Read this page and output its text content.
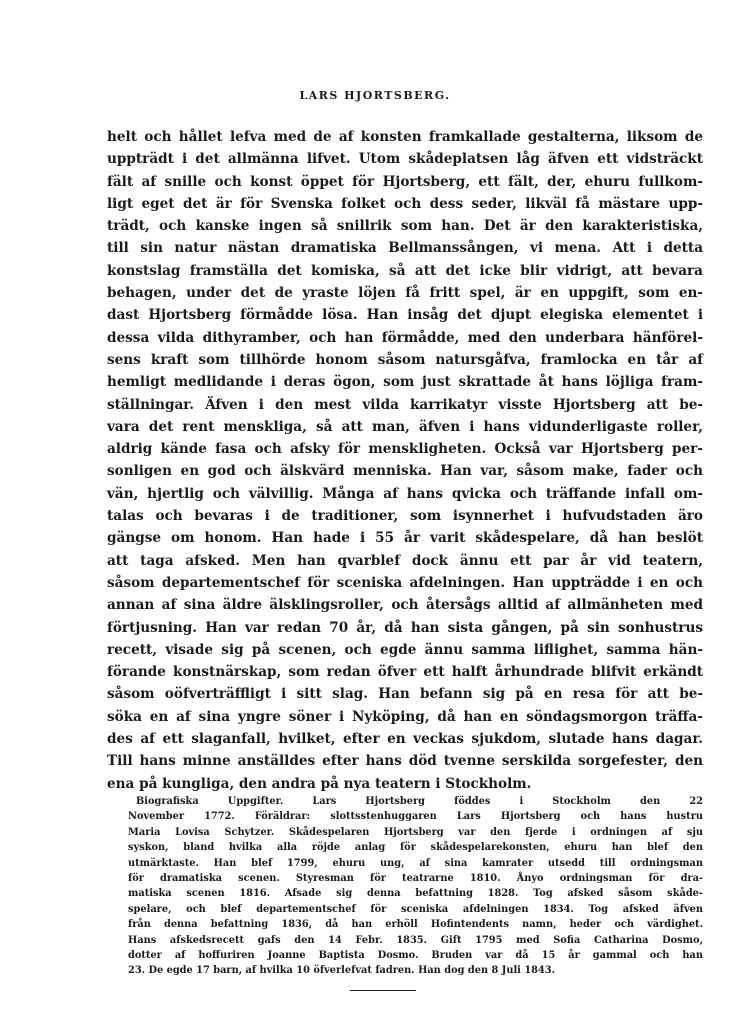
LARS HJORTSBERG.
helt och hållet lefva med de af konsten framkallade gestalterna, liksom de
uppträdt i det allmänna lifvet. Utom skådeplatsen låg äfven ett vidsträckt
fält af snille och konst öppet för Hjortsberg, ett fält, der, ehuru fullkom-
ligt eget det är för Svenska folket och dess seder, likväl få mästare upp-
trädt, och kanske ingen så snillrik som han. Det är den karakteristiska,
till sin natur nästan dramatiska Bellmanssången, vi mena. Att i detta
konstslag framställa det komiska, så att det icke blir vidrigt, att bevara
behagen, under det de yraste löjen få fritt spel, är en uppgift, som en-
dast Hjortsberg förmådde lösa. Han insåg det djupt elegiska elementet i
dessa vilda dithyramber, och han förmådde, med den underbara hänförel-
sens kraft som tillhörde honom såsom natursgåfva, framlocka en tår af
hemligt medlidande i deras ögon, som just skrattade åt hans löjliga fram-
ställningar. Äfven i den mest vilda karrikatyr visste Hjortsberg att be-
vara det rent menskliga, så att man, äfven i hans vidunderligaste roller,
aldrig kände fasa och afsky för menskligheten. Också var Hjortsberg per-
sonligen en god och älskvärd menniska. Han var, såsom make, fader och
vän, hjertlig och välvillig. Många af hans qvicka och träffande infall om-
talas och bevaras i de traditioner, som isynnerhet i hufvudstaden äro
gängse om honom. Han hade i 55 år varit skådespelare, då han beslöt
att taga afsked. Men han qvarblef dock ännu ett par år vid teatern,
såsom departementschef för sceniska afdelningen. Han uppträdde i en och
annan af sina äldre älsklingsroller, och återsågs alltid af allmänheten med
förtjusning. Han var redan 70 år, då han sista gången, på sin sonhustrus
recett, visade sig på scenen, och egde ännu samma liflighet, samma hän-
förande konstnärskap, som redan öfver ett halft århundrade blifvit erkändt
såsom oöfverträffligt i sitt slag. Han befann sig på en resa för att be-
söka en af sina yngre söner i Nyköping, då han en söndagsmorgon träffa-
des af ett slaganfall, hvilket, efter en veckas sjukdom, slutade hans dagar.
Till hans minne anställdes efter hans död tvenne serskilda sorgefester, den
ena på kungliga, den andra på nya teatern i Stockholm.
Biografiska Uppgifter. Lars Hjortsberg föddes i Stockholm den 22
November 1772. Föräldrar: slottsstenhuggaren Lars Hjortsberg och hans hustru
Maria Lovisa Schytzer. Skådespelaren Hjortsberg var den fjerde i ordningen af sju
syskon, bland hvilka alla röjde anlag för skådespelarekonsten, ehuru han blef den
utmärktaste. Han blef 1799, ehuru ung, af sina kamrater utsedd till ordningsman
för dramatiska scenen. Styresman för teatrarne 1810. Ånyo ordningsman för dra-
matiska scenen 1816. Afsade sig denna befattning 1828. Tog afsked såsom skåde-
spelare, och blef departementschef för sceniska afdelningen 1834. Tog afsked äfven
från denna befattning 1836, då han erhöll Hofintendents namn, heder och värdighet.
Hans afskedsrecett gafs den 14 Febr. 1835. Gift 1795 med Sofia Catharina Dosmo,
dotter af hoffuriren Joanne Baptista Dosmo. Bruden var då 15 år gammal och han
23. De egde 17 barn, af hvilka 10 öfverlefvat fadren. Han dog den 8 Juli 1843.
